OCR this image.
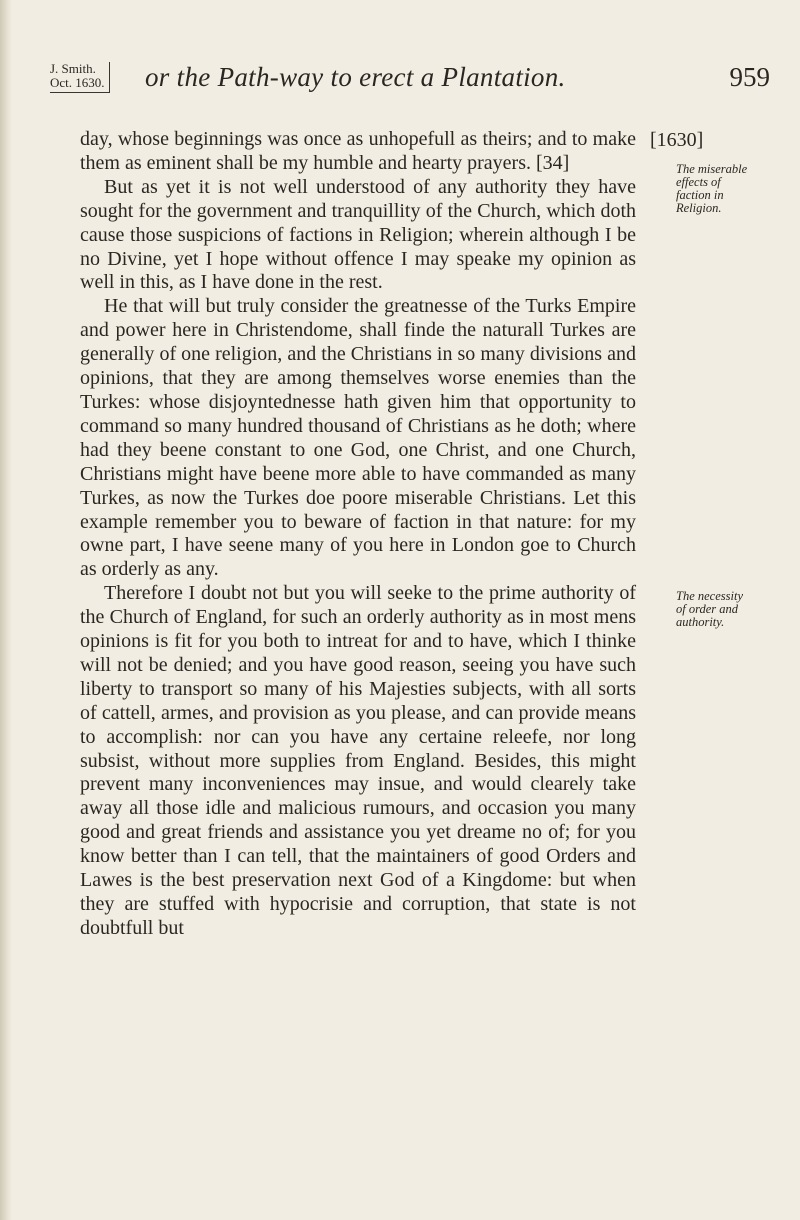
J. Smith.
Oct. 1630. or the Path-way to erect a Plantation.	959
[1630]
The miserable effects of faction in Religion.
The necessity of order and authority.

day, whose beginnings was once as unhopefull as theirs; and to make them as eminent shall be my humble and hearty prayers. [34]

But as yet it is not well understood of any authority they have sought for the government and tranquillity of the Church, which doth cause those suspicions of factions in Religion; wherein although I be no Divine, yet I hope without offence I may speake my opinion as well in this, as I have done in the rest.

He that will but truly consider the greatnesse of the Turks Empire and power here in Christendome, shall finde the naturall Turkes are generally of one religion, and the Christians in so many divisions and opinions, that they are among themselves worse enemies than the Turkes: whose disjoyntednesse hath given him that opportunity to command so many hundred thousand of Christians as he doth; where had they beene constant to one God, one Christ, and one Church, Christians might have beene more able to have commanded as many Turkes, as now the Turkes doe poore miserable Christians. Let this example remember you to beware of faction in that nature: for my owne part, I have seene many of you here in London goe to Church as orderly as any.

Therefore I doubt not but you will seeke to the prime authority of the Church of England, for such an orderly authority as in most mens opinions is fit for you both to intreat for and to have, which I thinke will not be denied; and you have good reason, seeing you have such liberty to transport so many of his Majesties subjects, with all sorts of cattell, armes, and provision as you please, and can provide means to accomplish: nor can you have any certaine releefe, nor long subsist, without more supplies from England. Besides, this might prevent many inconveniences may insue, and would clearely take away all those idle and malicious rumours, and occasion you many good and great friends and assistance you yet dreame no of; for you know better than I can tell, that the maintainers of good Orders and Lawes is the best preservation next God of a Kingdome: but when they are stuffed with hypocrisie and corruption, that state is not doubtfull but
